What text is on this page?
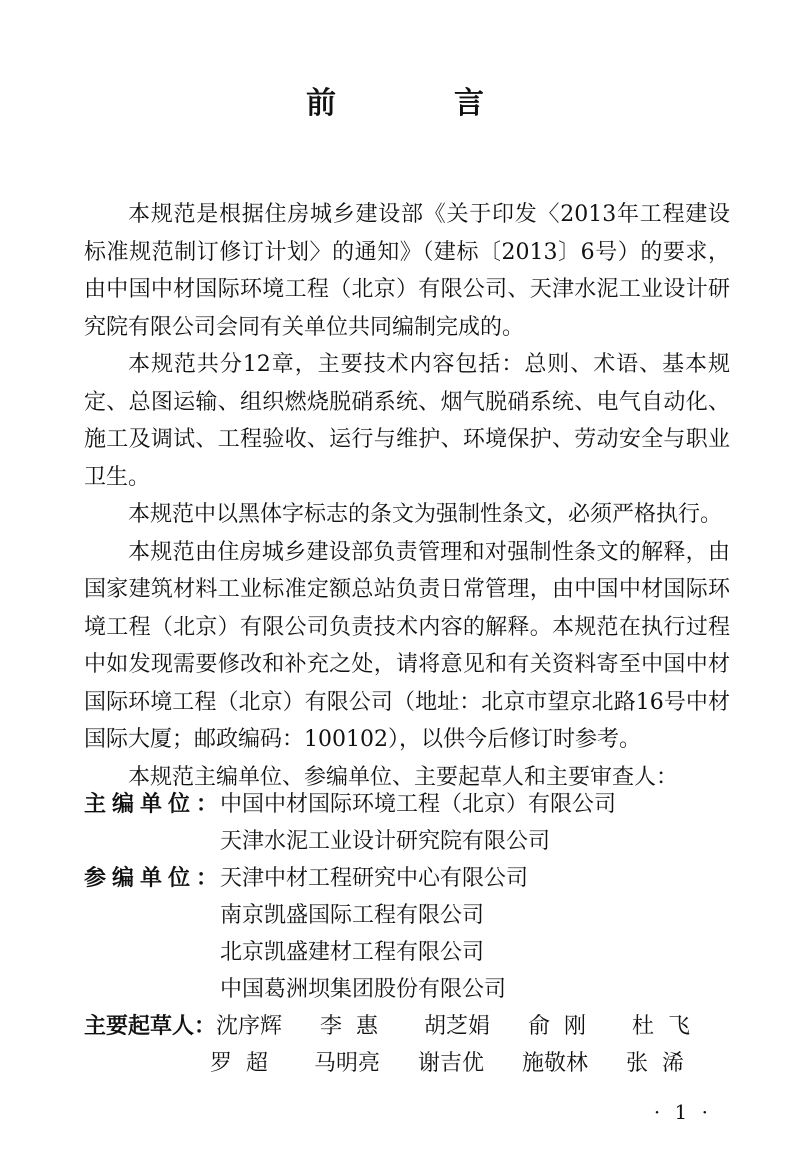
前　言

本规范是根据住房城乡建设部《关于印发〈2013年工程建设标准规范制订修订计划〉的通知》（建标〔2013〕6号）的要求，由中国中材国际环境工程（北京）有限公司、天津水泥工业设计研究院有限公司会同有关单位共同编制完成的。

本规范共分12章，主要技术内容包括：总则、术语、基本规定、总图运输、组织燃烧脱硝系统、烟气脱硝系统、电气自动化、施工及调试、工程验收、运行与维护、环境保护、劳动安全与职业卫生。

本规范中以黑体字标志的条文为强制性条文，必须严格执行。

本规范由住房城乡建设部负责管理和对强制性条文的解释，由国家建筑材料工业标准定额总站负责日常管理，由中国中材国际环境工程（北京）有限公司负责技术内容的解释。本规范在执行过程中如发现需要修改和补充之处，请将意见和有关资料寄至中国中材国际环境工程（北京）有限公司（地址：北京市望京北路16号中材国际大厦；邮政编码：100102），以供今后修订时参考。

本规范主编单位、参编单位、主要起草人和主要审查人：

主编单位：
中国中材国际环境工程（北京）有限公司
天津水泥工业设计研究院有限公司
参编单位：
天津中材工程研究中心有限公司
南京凯盛国际工程有限公司
北京凯盛建材工程有限公司
中国葛洲坝集团股份有限公司
主要起草人： 沈序辉	李惠	胡芝娟	俞刚	杜飞
罗超	马明亮	谢吉优	施敬林	张浠
· 1 ·
